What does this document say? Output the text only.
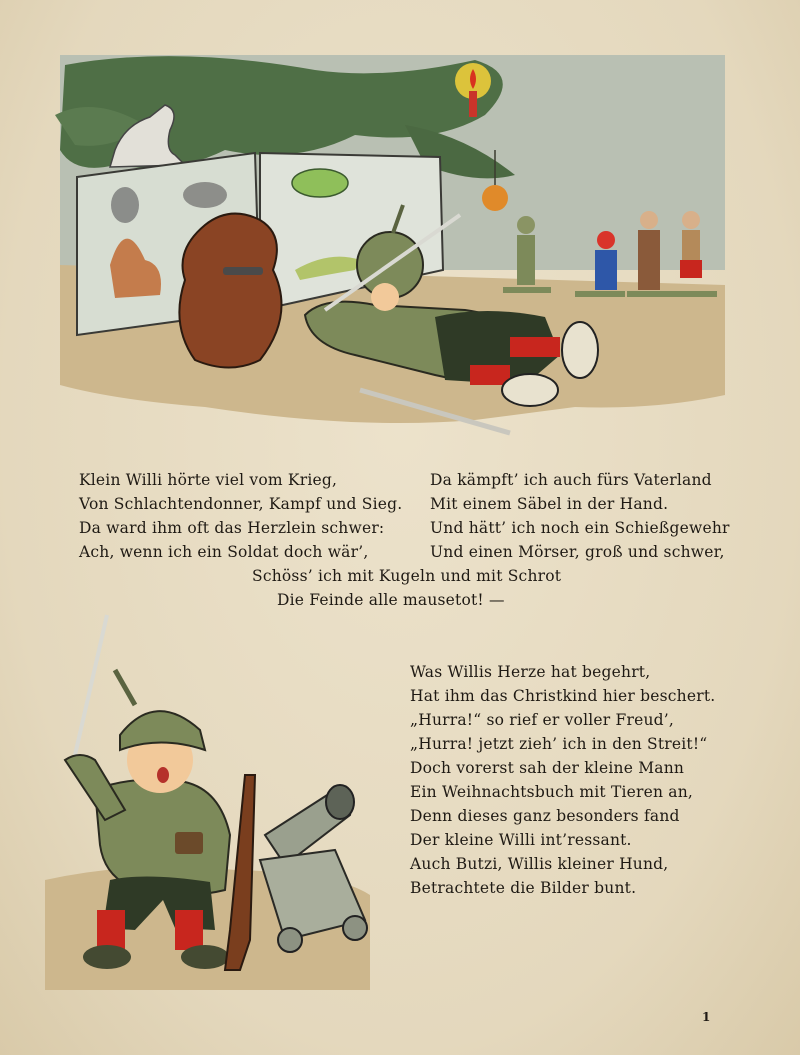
Klein Willi hörte viel vom Krieg,
Von Schlachtendonner, Kampf und Sieg.
Da ward ihm oft das Herzlein schwer:
Ach, wenn ich ein Soldat doch wär’,
Da kämpft’ ich auch fürs Vaterland
Mit einem Säbel in der Hand.
Und hätt’ ich noch ein Schießgewehr
Und einen Mörser, groß und schwer,
Schöss’ ich mit Kugeln und mit Schrot
Die Feinde alle mausetot! —
Was Willis Herze hat begehrt,
Hat ihm das Christkind hier beschert.
„Hurra!“ so rief er voller Freud’,
„Hurra! jetzt zieh’ ich in den Streit!“
Doch vorerst sah der kleine Mann
Ein Weihnachtsbuch mit Tieren an,
Denn dieses ganz besonders fand
Der kleine Willi int’ressant.
Auch Butzi, Willis kleiner Hund,
Betrachtete die Bilder bunt.
1
